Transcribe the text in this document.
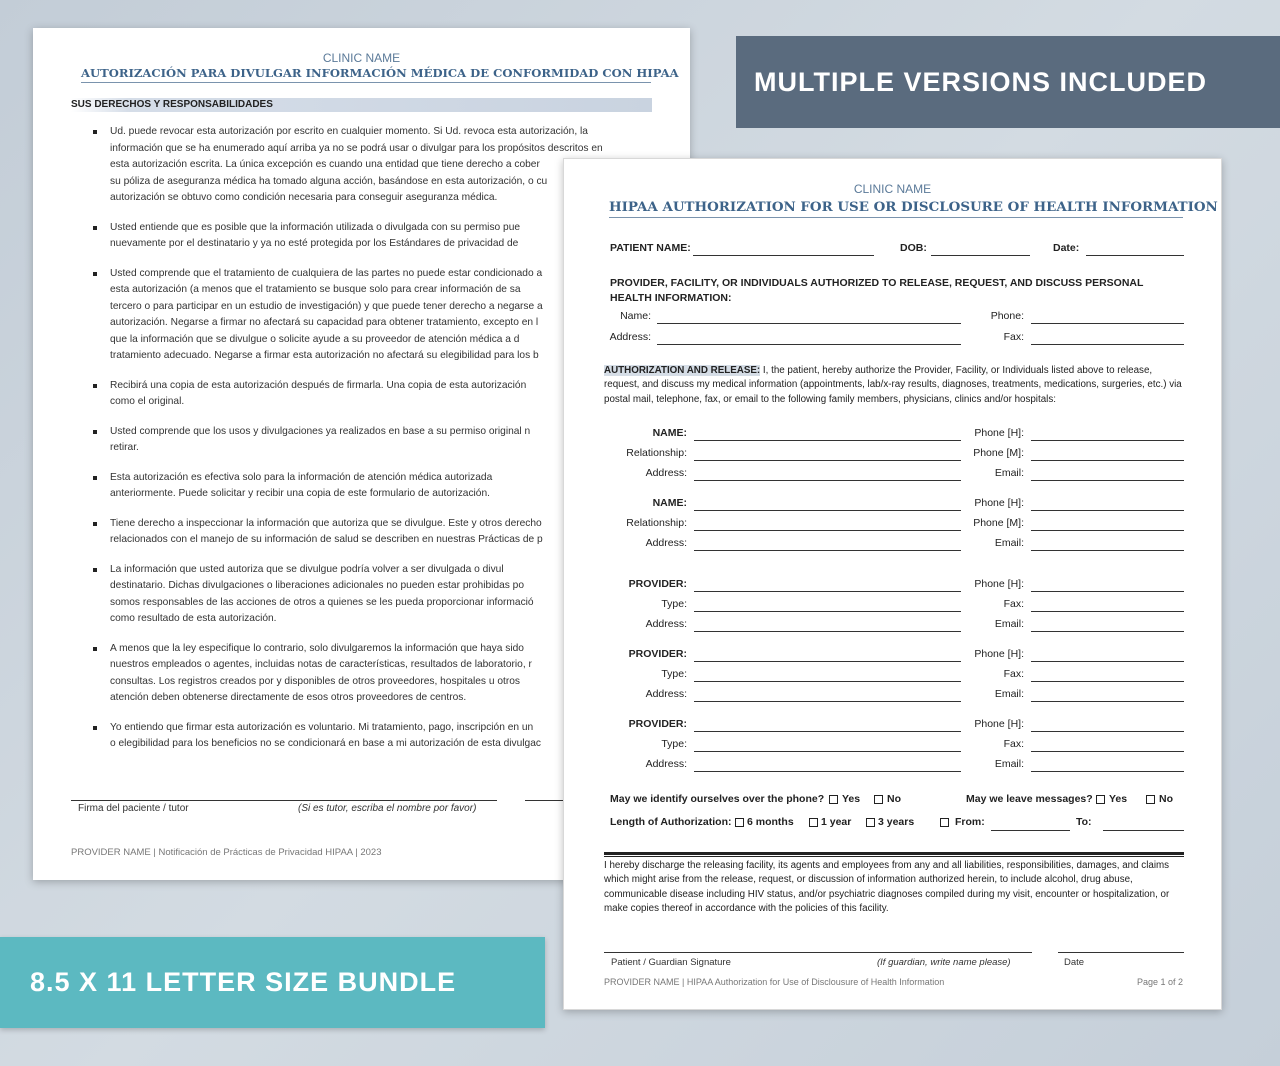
CLINIC NAME
AUTORIZACIÓN PARA DIVULGAR INFORMACIÓN MÉDICA DE CONFORMIDAD CON HIPAA
SUS DERECHOS Y RESPONSABILIDADES
Ud. puede revocar esta autorización por escrito en cualquier momento. Si Ud. revoca esta autorización, la
información que se ha enumerado aquí arriba ya no se podrá usar o divulgar para los propósitos descritos en
esta autorización escrita. La única excepción es cuando una entidad que tiene derecho a cober
su póliza de aseguranza médica ha tomado alguna acción, basándose en esta autorización, o cu
autorización se obtuvo como condición necesaria para conseguir aseguranza médica.
Usted entiende que es posible que la información utilizada o divulgada con su permiso pue
nuevamente por el destinatario y ya no esté protegida por los Estándares de privacidad de
Usted comprende que el tratamiento de cualquiera de las partes no puede estar condicionado a
esta autorización (a menos que el tratamiento se busque solo para crear información de sa
tercero o para participar en un estudio de investigación) y que puede tener derecho a negarse a
autorización. Negarse a firmar no afectará su capacidad para obtener tratamiento, excepto en l
que la información que se divulgue o solicite ayude a su proveedor de atención médica a d
tratamiento adecuado. Negarse a firmar esta autorización no afectará su elegibilidad para los b
Recibirá una copia de esta autorización después de firmarla. Una copia de esta autorización
como el original.
Usted comprende que los usos y divulgaciones ya realizados en base a su permiso original n
retirar.
Esta autorización es efectiva solo para la información de atención médica autorizada
anteriormente. Puede solicitar y recibir una copia de este formulario de autorización.
Tiene derecho a inspeccionar la información que autoriza que se divulgue. Este y otros derecho
relacionados con el manejo de su información de salud se describen en nuestras Prácticas de p
La información que usted autoriza que se divulgue podría volver a ser divulgada o divul
destinatario. Dichas divulgaciones o liberaciones adicionales no pueden estar prohibidas po
somos responsables de las acciones de otros a quienes se les pueda proporcionar informació
como resultado de esta autorización.
A menos que la ley especifique lo contrario, solo divulgaremos la información que haya sido
nuestros empleados o agentes, incluidas notas de características, resultados de laboratorio, r
consultas. Los registros creados por y disponibles de otros proveedores, hospitales u otros
atención deben obtenerse directamente de esos otros proveedores de centros.
Yo entiendo que firmar esta autorización es voluntario. Mi tratamiento, pago, inscripción en un
o elegibilidad para los beneficios no se condicionará en base a mi autorización de esta divulgac
Firma del paciente / tutor	(Si es tutor, escriba el nombre por favor)
PROVIDER NAME | Notificación de Prácticas de Privacidad HIPAA | 2023
CLINIC NAME
HIPAA AUTHORIZATION FOR USE OR DISCLOSURE OF HEALTH INFORMATION
PATIENT NAME:	DOB:	Date:
PROVIDER, FACILITY, OR INDIVIDUALS AUTHORIZED TO RELEASE, REQUEST, AND DISCUSS PERSONAL HEALTH INFORMATION:
Name:	Phone:
Address:	Fax:
AUTHORIZATION AND RELEASE: I, the patient, hereby authorize the Provider, Facility, or Individuals listed above to release, request, and discuss my medical information (appointments, lab/x-ray results, diagnoses, treatments, medications, surgeries, etc.) via postal mail, telephone, fax, or email to the following family members, physicians, clinics and/or hospitals:
NAME:	Phone [H]:
Relationship:	Phone [M]:
Address:	Email:
NAME:	Phone [H]:
Relationship:	Phone [M]:
Address:	Email:
PROVIDER:	Phone [H]:
Type:	Fax:
Address:	Email:
PROVIDER:	Phone [H]:
Type:	Fax:
Address:	Email:
PROVIDER:	Phone [H]:
Type:	Fax:
Address:	Email:
May we identify ourselves over the phone? Yes	No	May we leave messages? Yes	No
Length of Authorization: 6 months	1 year	3 years	From:	To:
I hereby discharge the releasing facility, its agents and employees from any and all liabilities, responsibilities, damages, and claims which might arise from the release, request, or discussion of information authorized herein, to include alcohol, drug abuse, communicable disease including HIV status, and/or psychiatric diagnoses compiled during my visit, encounter or hospitalization, or make copies thereof in accordance with the policies of this facility.
Patient / Guardian Signature	(If guardian, write name please)	Date
PROVIDER NAME | HIPAA Authorization for Use of Disclousure of Health Information	Page 1 of 2
MULTIPLE VERSIONS INCLUDED
8.5 X 11 LETTER SIZE BUNDLE
